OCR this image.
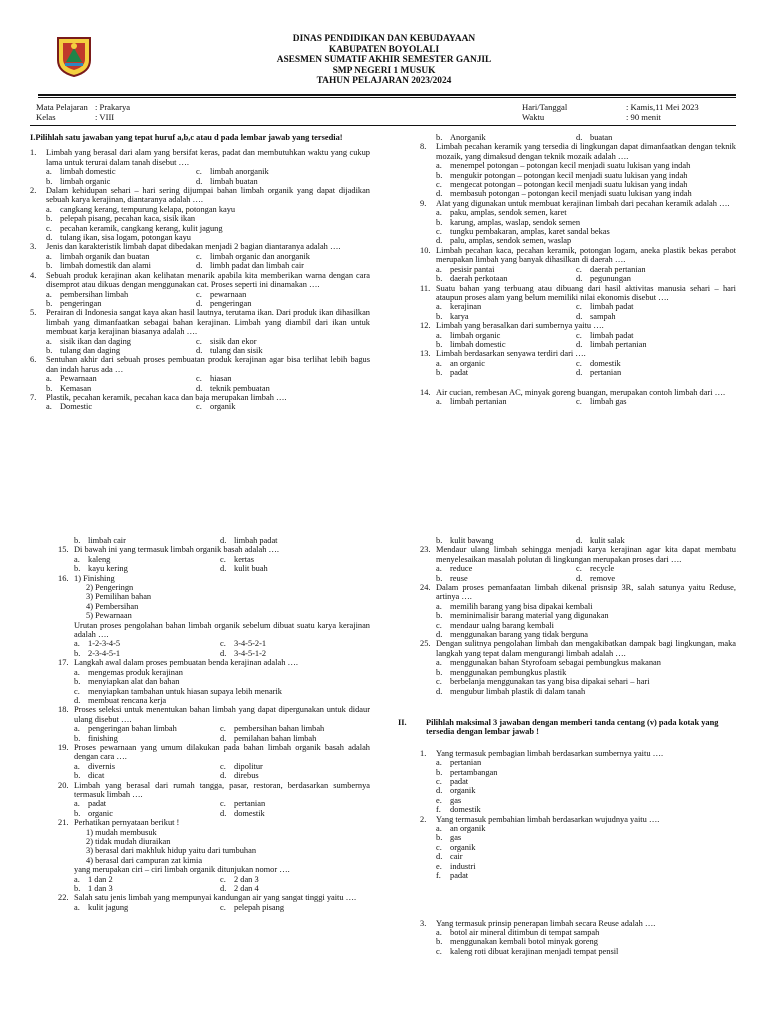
DINAS PENDIDIKAN DAN KEBUDAYAAN
KABUPATEN BOYOLALI
ASESMEN SUMATIF AKHIR SEMESTER GANJIL
SMP NEGERI 1 MUSUK
TAHUN PELAJARAN 2023/2024
Mata Pelajaran : Prakarya
Kelas	: VIII
Hari/Tanggal	: Kamis,11 Mei 2023
Waktu	: 90 menit
I.Pilihlah satu jawaban yang tepat huruf a,b,c atau d pada lembar jawab yang tersedia!
1. Limbah yang berasal dari alam yang bersifat keras, padat dan membutuhkan waktu yang cukup lama untuk terurai dalam tanah disebut ….
a. limbah domestic	c. limbah anorganik
b. limbah organic	d. limbah buatan
2. Dalam kehidupan sehari – hari sering dijumpai bahan limbah organik yang dapat dijadikan sebuah karya kerajinan, diantaranya adalah ….
a. cangkang kerang, tempurung kelapa, potongan kayu
b. pelepah pisang, pecahan kaca, sisik ikan
c. pecahan keramik, cangkang kerang, kulit jagung
d. tulang ikan, sisa logam, potongan kayu
3. Jenis dan karakteristik limbah dapat dibedakan menjadi 2 bagian diantaranya adalah ….
a. limbah organik dan buatan	c. limbah organic dan anorganik
b. limbah domestik dan alami	d. limbh padat dan limbah cair
4. Sebuah produk kerajinan akan kelihatan menarik apabila kita memberikan warna dengan cara disemprot atau dikuas dengan menggunakan cat. Proses seperti ini dinamakan ….
a. pembersihan limbah	c. pewarnaan
b. pengeringan	d. pengeringan
5. Perairan di Indonesia sangat kaya akan hasil lautnya, terutama ikan. Dari produk ikan dihasilkan limbah yang dimanfaatkan sebagai bahan kerajinan. Limbah yang diambil dari ikan untuk membuat karja kerajinan biasanya adalah ….
a. sisik ikan dan daging	c. sisik dan ekor
b. tulang dan daging	d. tulang dan sisik
6. Sentuhan akhir dari sebuah proses pembuatan produk kerajinan agar bisa terlihat lebih bagus dan indah harus ada …
a. Pewarnaan	c. hiasan
b. Kemasan	d. teknik pembuatan
7. Plastik, pecahan keramik, pecahan kaca dan baja merupakan limbah ….
a. Domestic	c. organik
b. Anorganik	d. buatan
8. Limbah pecahan keramik yang tersedia di lingkungan dapat dimanfaatkan dengan teknik mozaik, yang dimaksud dengan teknik mozaik adalah ….
a. menempel potongan – potongan kecil menjadi suatu lukisan yang indah
b. mengukir potongan – potongan kecil menjadi suatu lukisan yang indah
c. mengecat potongan – potongan kecil menjadi suatu lukisan yang indah
d. membasuh potongan – potongan kecil menjadi suatu lukisan yang indah
9. Alat yang digunakan untuk membuat kerajinan limbah dari pecahan keramik adalah ….
a. paku, amplas, sendok semen, karet
b. karung, amplas, waslap, sendok semen
c. tungku pembakaran, amplas, karet sandal bekas
d. palu, amplas, sendok semen, waslap
10. Limbah pecahan kaca, pecahan keramik, potongan logam, aneka plastik bekas perabot merupakan limbah yang banyak dihasilkan di daerah ….
a. pesisir pantai	c. daerah pertanian
b. daerah perkotaan	d. pegunungan
11. Suatu bahan yang terbuang atau dibuang dari hasil aktivitas manusia sehari – hari ataupun proses alam yang belum memiliki nilai ekonomis disebut ….
a. kerajinan	c. limbah padat
b. karya	d. sampah
12. Limbah yang berasalkan dari sumbernya yaitu ….
a. limbah organic	c. limbah padat
b. limbah domestic	d. limbah pertanian
13. Limbah berdasarkan senyawa terdiri dari ….
a. an organic	c. domestik
b. padat	d. pertanian
14. Air cucian, rembesan AC, minyak goreng buangan, merupakan contoh limbah dari ….
a. limbah pertanian	c. limbah gas
b. limbah cair	d. limbah padat
15. Di bawah ini yang termasuk limbah organik basah adalah ….
a. kaleng	c. kertas
b. kayu kering	d. kulit buah
16. 1) Finishing
2) Pengeringn
3) Pemilihan bahan
4) Pembersihan
5) Pewarnaan
Urutan proses pengolahan bahan limbah organik sebelum dibuat suatu karya kerajinan adalah ….
a. 1-2-3-4-5	c. 3-4-5-2-1
b. 2-3-4-5-1	d. 3-4-5-1-2
17. Langkah awal dalam proses pembuatan benda kerajinan adalah ….
a. mengemas produk kerajinan
b. menyiapkan alat dan bahan
c. menyiapkan tambahan untuk hiasan supaya lebih menarik
d. membuat rencana kerja
18. Proses seleksi untuk menentukan bahan limbah yang dapat dipergunakan untuk didaur ulang disebut ….
a. pengeringan bahan limbah	c. pembersihan bahan limbah
b. finishing	d. pemilahan bahan limbah
19. Proses pewarnaan yang umum dilakukan pada bahan limbah organik basah adalah dengan cara ….
a. divernis	c. dipolitur
b. dicat	d. direbus
20. Limbah yang berasal dari rumah tangga, pasar, restoran, berdasarkan sumbernya termasuk limbah ….
a. padat	c. pertanian
b. organic	d. domestik
21. Perhatikan pernyataan berikut !
1) mudah membusuk
2) tidak mudah diuraikan
3) berasal dari makhluk hidup yaitu dari tumbuhan
4) berasal dari campuran zat kimia
yang merupakan ciri – ciri limbah organik ditunjukan nomor ….
a. 1 dan 2	c. 2 dan 3
b. 1 dan 3	d. 2 dan 4
22. Salah satu jenis limbah yang mempunyai kandungan air yang sangat tinggi yaitu ….
a. kulit jagung	c. pelepah pisang
b. kulit bawang	d. kulit salak
23. Mendaur ulang limbah sehingga menjadi karya kerajinan agar kita dapat membatu menyelesaikan masalah polutan di lingkungan merupakan proses dari ….
a. reduce	c. recycle
b. reuse	d. remove
24. Dalam proses pemanfaatan limbah dikenal prisnsip 3R, salah satunya yaitu Reduse, artinya ….
a. memilih barang yang bisa dipakai kembali
b. meminimalisir barang material yang digunakan
c. mendaur ualng barang kembali
d. menggunakan barang yang tidak berguna
25. Dengan sulitnya pengolahan limbah dan mengakibatkan dampak bagi lingkungan, maka langkah yang tepat dalam mengurangi limbah adalah ….
a. menggunakan bahan Styrofoam sebagai pembungkus makanan
b. menggunakan pembungkus plastik
c. berbelanja menggunakan tas yang bisa dipakai sehari – hari
d. mengubur limbah plastik di dalam tanah
II. Pilihlah maksimal 3 jawaban dengan memberi tanda centang (v) pada kotak yang tersedia dengan lembar jawab !
1. Yang termasuk pembagian limbah berdasarkan sumbernya yaitu ….
a. pertanian
b. pertambangan
c. padat
d. organik
e. gas
f. domestik
2. Yang termasuk pembahian limbah berdasarkan wujudnya yaitu ….
a. an organik
b. gas
c. organik
d. cair
e. industri
f. padat
3. Yang termasuk prinsip penerapan limbah secara Reuse adalah ….
a. botol air mineral ditimbun di tempat sampah
b. menggunakan kembali botol minyak goreng
c. kaleng roti dibuat kerajinan menjadi tempat pensil
